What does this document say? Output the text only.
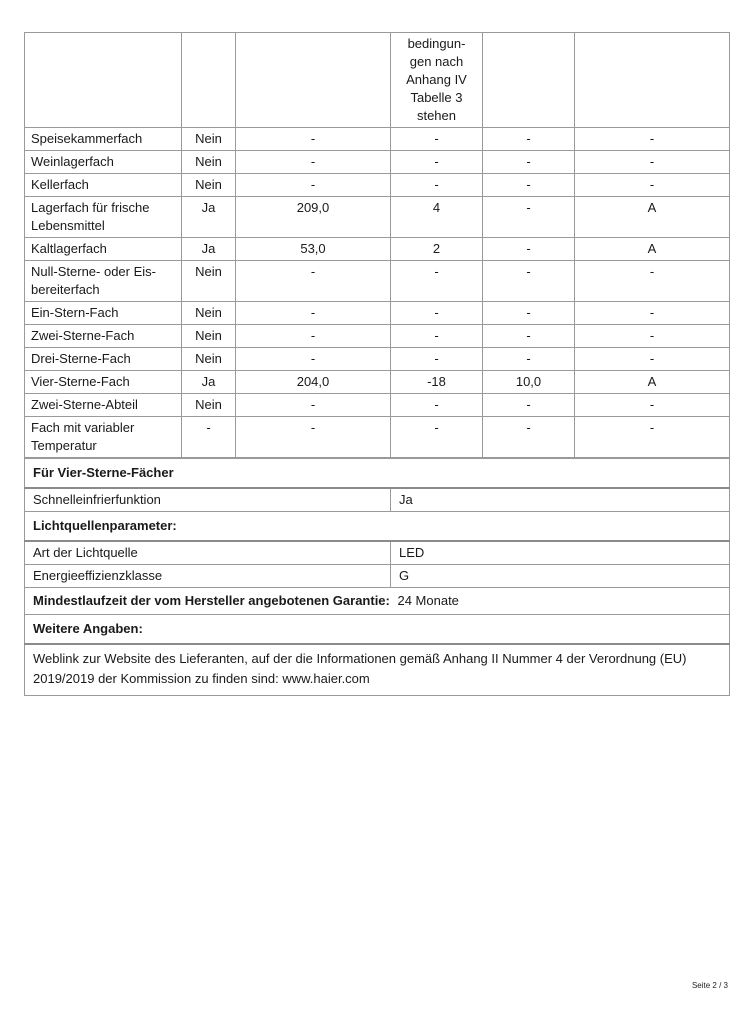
			bedingun-
gen nach
Anhang IV
Tabelle 3
stehen		
Speisekammerfach	Nein	-	-	-	-
Weinlagerfach	Nein	-	-	-	-
Kellerfach	Nein	-	-	-	-
Lagerfach für frische Lebensmittel	Ja	209,0	4	-	A
Kaltlagerfach	Ja	53,0	2	-	A
Null-Sterne- oder Eis-bereiterfach	Nein	-	-	-	-
Ein-Stern-Fach	Nein	-	-	-	-
Zwei-Sterne-Fach	Nein	-	-	-	-
Drei-Sterne-Fach	Nein	-	-	-	-
Vier-Sterne-Fach	Ja	204,0	-18	10,0	A
Zwei-Sterne-Abteil	Nein	-	-	-	-
Fach mit variabler Temperatur	-	-	-	-	-
Für Vier-Sterne-Fächer	
Schnelleinfrierfunktion	Ja
Lichtquellenparameter:	
Art der Lichtquelle	LED
Energieeffizienzklasse	G
Mindestlaufzeit der vom Hersteller angebotenen Garantie: 24 Monate	
Weitere Angaben:	
Weblink zur Website des Lieferanten, auf der die Informationen gemäß Anhang II Nummer 4 der Verordnung (EU) 2019/2019 der Kommission zu finden sind: www.haier.com	
Seite 2 / 3
